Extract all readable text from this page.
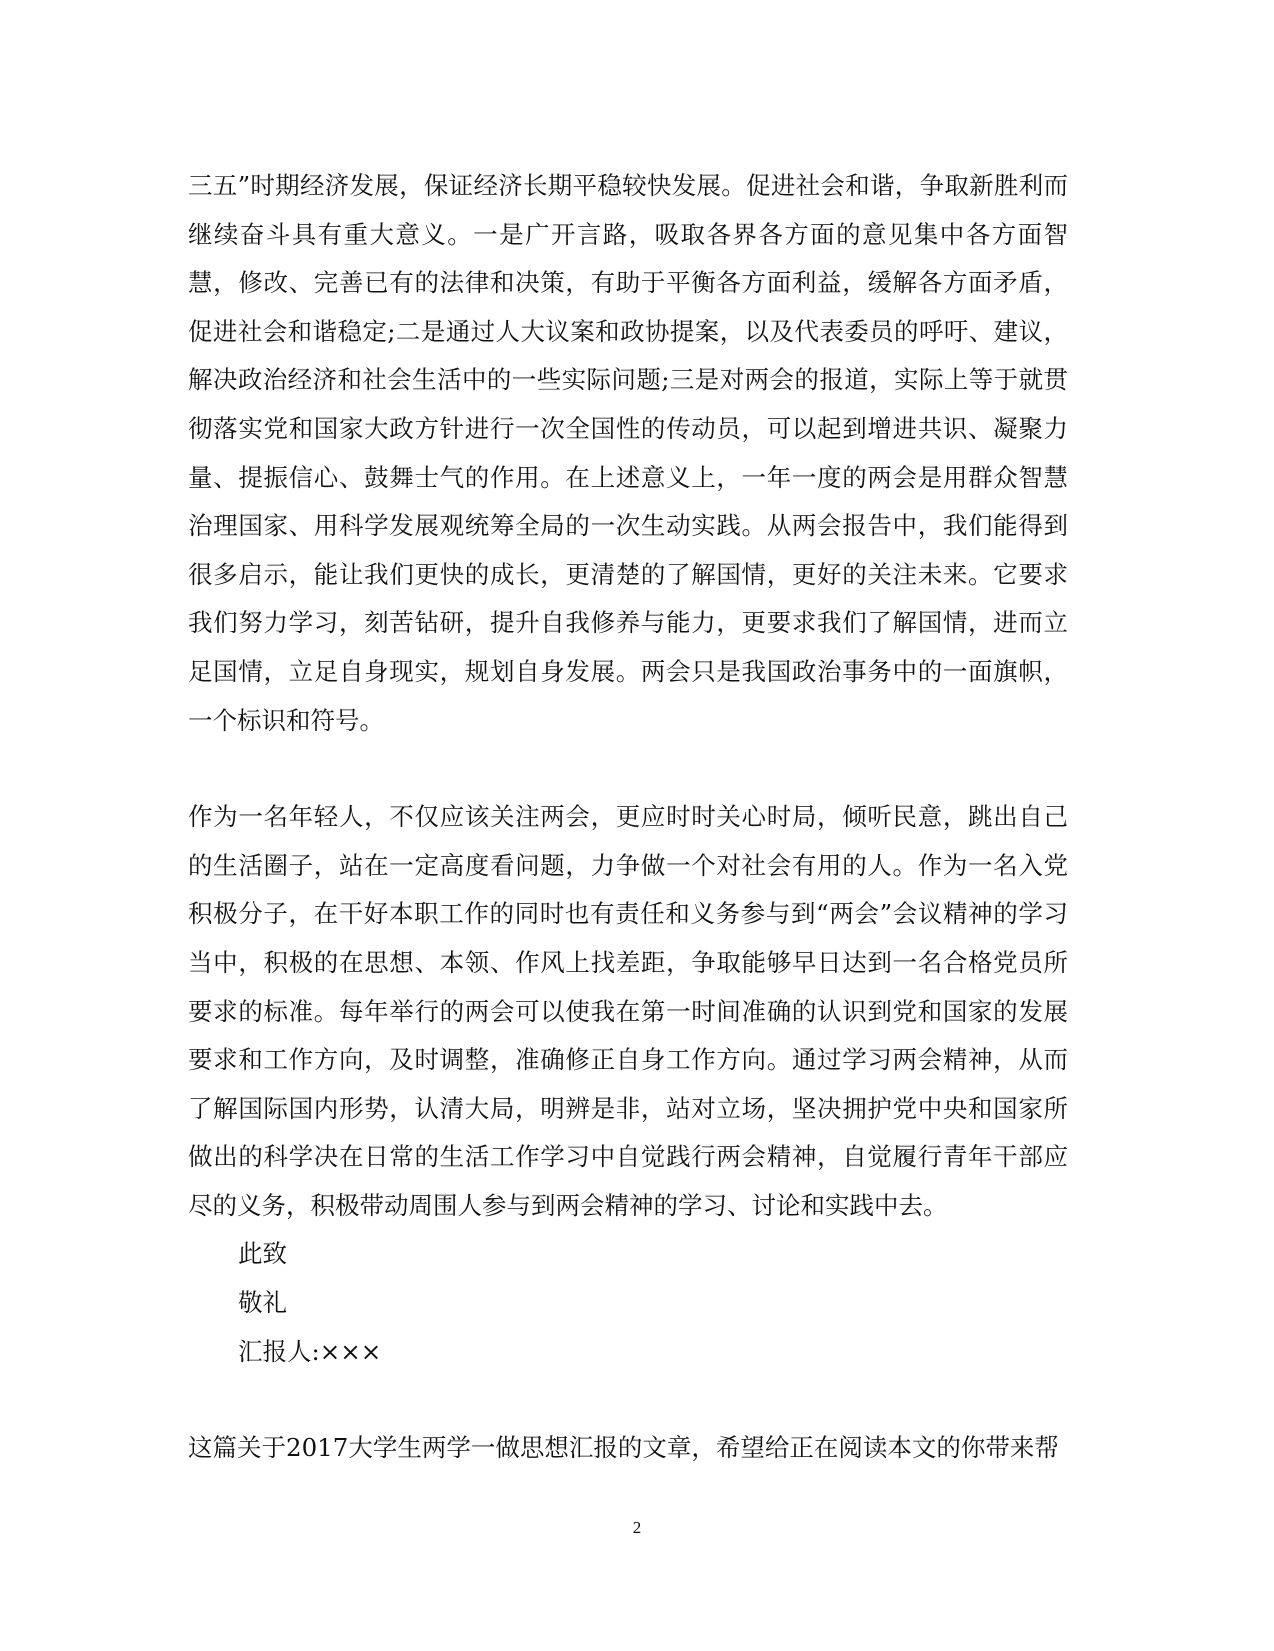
三五”时期经济发展，保证经济长期平稳较快发展。促进社会和谐，争取新胜利而继续奋斗具有重大意义。一是广开言路，吸取各界各方面的意见集中各方面智慧，修改、完善已有的法律和决策，有助于平衡各方面利益，缓解各方面矛盾，促进社会和谐稳定;二是通过人大议案和政协提案，以及代表委员的呼吁、建议，解决政治经济和社会生活中的一些实际问题;三是对两会的报道，实际上等于就贯彻落实党和国家大政方针进行一次全国性的传动员，可以起到增进共识、凝聚力量、提振信心、鼓舞士气的作用。在上述意义上，一年一度的两会是用群众智慧治理国家、用科学发展观统筹全局的一次生动实践。从两会报告中，我们能得到很多启示，能让我们更快的成长，更清楚的了解国情，更好的关注未来。它要求我们努力学习，刻苦钻研，提升自我修养与能力，更要求我们了解国情，进而立足国情，立足自身现实，规划自身发展。两会只是我国政治事务中的一面旗帜，一个标识和符号。

作为一名年轻人，不仅应该关注两会，更应时时关心时局，倾听民意，跳出自己的生活圈子，站在一定高度看问题，力争做一个对社会有用的人。作为一名入党积极分子，在干好本职工作的同时也有责任和义务参与到“两会”会议精神的学习当中，积极的在思想、本领、作风上找差距，争取能够早日达到一名合格党员所要求的标准。每年举行的两会可以使我在第一时间准确的认识到党和国家的发展要求和工作方向，及时调整，准确修正自身工作方向。通过学习两会精神，从而了解国际国内形势，认清大局，明辨是非，站对立场，坚决拥护党中央和国家所做出的科学决在日常的生活工作学习中自觉践行两会精神，自觉履行青年干部应尽的义务，积极带动周围人参与到两会精神的学习、讨论和实践中去。

此致

敬礼

汇报人:×××

这篇关于2017大学生两学一做思想汇报的文章，希望给正在阅读本文的你带来帮

2
